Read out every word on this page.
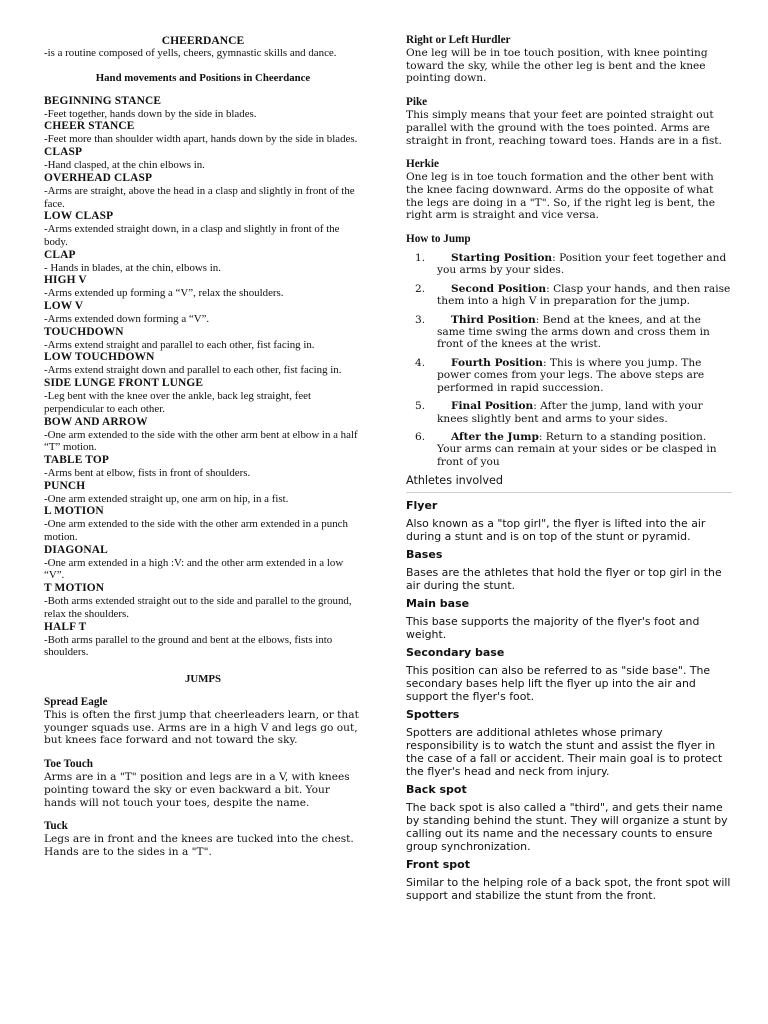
CHEERDANCE

-is a routine composed of yells, cheers, gymnastic skills and dance.

Hand movements and Positions in Cheerdance

BEGINNING STANCE

-Feet together, hands down by the side in blades.

CHEER STANCE

-Feet more than shoulder width apart, hands down by the side in blades.

CLASP

-Hand clasped, at the chin elbows in.

OVERHEAD CLASP

-Arms are straight, above the head in a clasp and slightly in front of the face.

LOW CLASP

-Arms extended straight down, in a clasp and slightly in front of the body.

CLAP

- Hands in blades, at the chin, elbows in.

HIGH V

-Arms extended up forming a “V”, relax the shoulders.

LOW V

-Arms extended down forming a “V”.

TOUCHDOWN

-Arms extend straight and parallel to each other, fist facing in.

LOW TOUCHDOWN

-Arms extend straight down and parallel to each other, fist facing in.

SIDE LUNGE FRONT LUNGE

-Leg bent with the knee over the ankle, back leg straight, feet perpendicular to each other.

BOW AND ARROW

-One arm extended to the side with the other arm bent at elbow in a half “T” motion.

TABLE TOP

-Arms bent at elbow, fists in front of shoulders.

PUNCH

-One arm extended straight up, one arm on hip, in a fist.

L MOTION

-One arm extended to the side with the other arm extended in a punch motion.

DIAGONAL

-One arm extended in a high :V: and the other arm extended in a low “V”.

T MOTION

-Both arms extended straight out to the side and parallel to the ground, relax the shoulders.

HALF T

-Both arms parallel to the ground and bent at the elbows, fists into shoulders.

JUMPS

Spread Eagle

This is often the first jump that cheerleaders learn, or that younger squads use. Arms are in a high V and legs go out, but knees face forward and not toward the sky.

Toe Touch

Arms are in a "T" position and legs are in a V, with knees pointing toward the sky or even backward a bit. Your hands will not touch your toes, despite the name.

Tuck

Legs are in front and the knees are tucked into the chest. Hands are to the sides in a "T".

Right or Left Hurdler

One leg will be in toe touch position, with knee pointing toward the sky, while the other leg is bent and the knee pointing down.

Pike

This simply means that your feet are pointed straight out parallel with the ground with the toes pointed. Arms are straight in front, reaching toward toes. Hands are in a fist.

Herkie

One leg is in toe touch formation and the other bent with the knee facing downward. Arms do the opposite of what the legs are doing in a "T". So, if the right leg is bent, the right arm is straight and vice versa.

How to Jump

1. Starting Position: Position your feet together and you arms by your sides.
2. Second Position: Clasp your hands, and then raise them into a high V in preparation for the jump.
3. Third Position: Bend at the knees, and at the same time swing the arms down and cross them in front of the knees at the wrist.
4. Fourth Position: This is where you jump. The power comes from your legs. The above steps are performed in rapid succession.
5. Final Position: After the jump, land with your knees slightly bent and arms to your sides.
6. After the Jump: Return to a standing position. Your arms can remain at your sides or be clasped in front of you

Athletes involved

Flyer

Also known as a "top girl", the flyer is lifted into the air during a stunt and is on top of the stunt or pyramid.

Bases

Bases are the athletes that hold the flyer or top girl in the air during the stunt.

Main base

This base supports the majority of the flyer's foot and weight.

Secondary base

This position can also be referred to as "side base". The secondary bases help lift the flyer up into the air and support the flyer's foot.

Spotters

Spotters are additional athletes whose primary responsibility is to watch the stunt and assist the flyer in the case of a fall or accident. Their main goal is to protect the flyer's head and neck from injury.

Back spot

The back spot is also called a "third", and gets their name by standing behind the stunt. They will organize a stunt by calling out its name and the necessary counts to ensure group synchronization.

Front spot

Similar to the helping role of a back spot, the front spot will support and stabilize the stunt from the front.
